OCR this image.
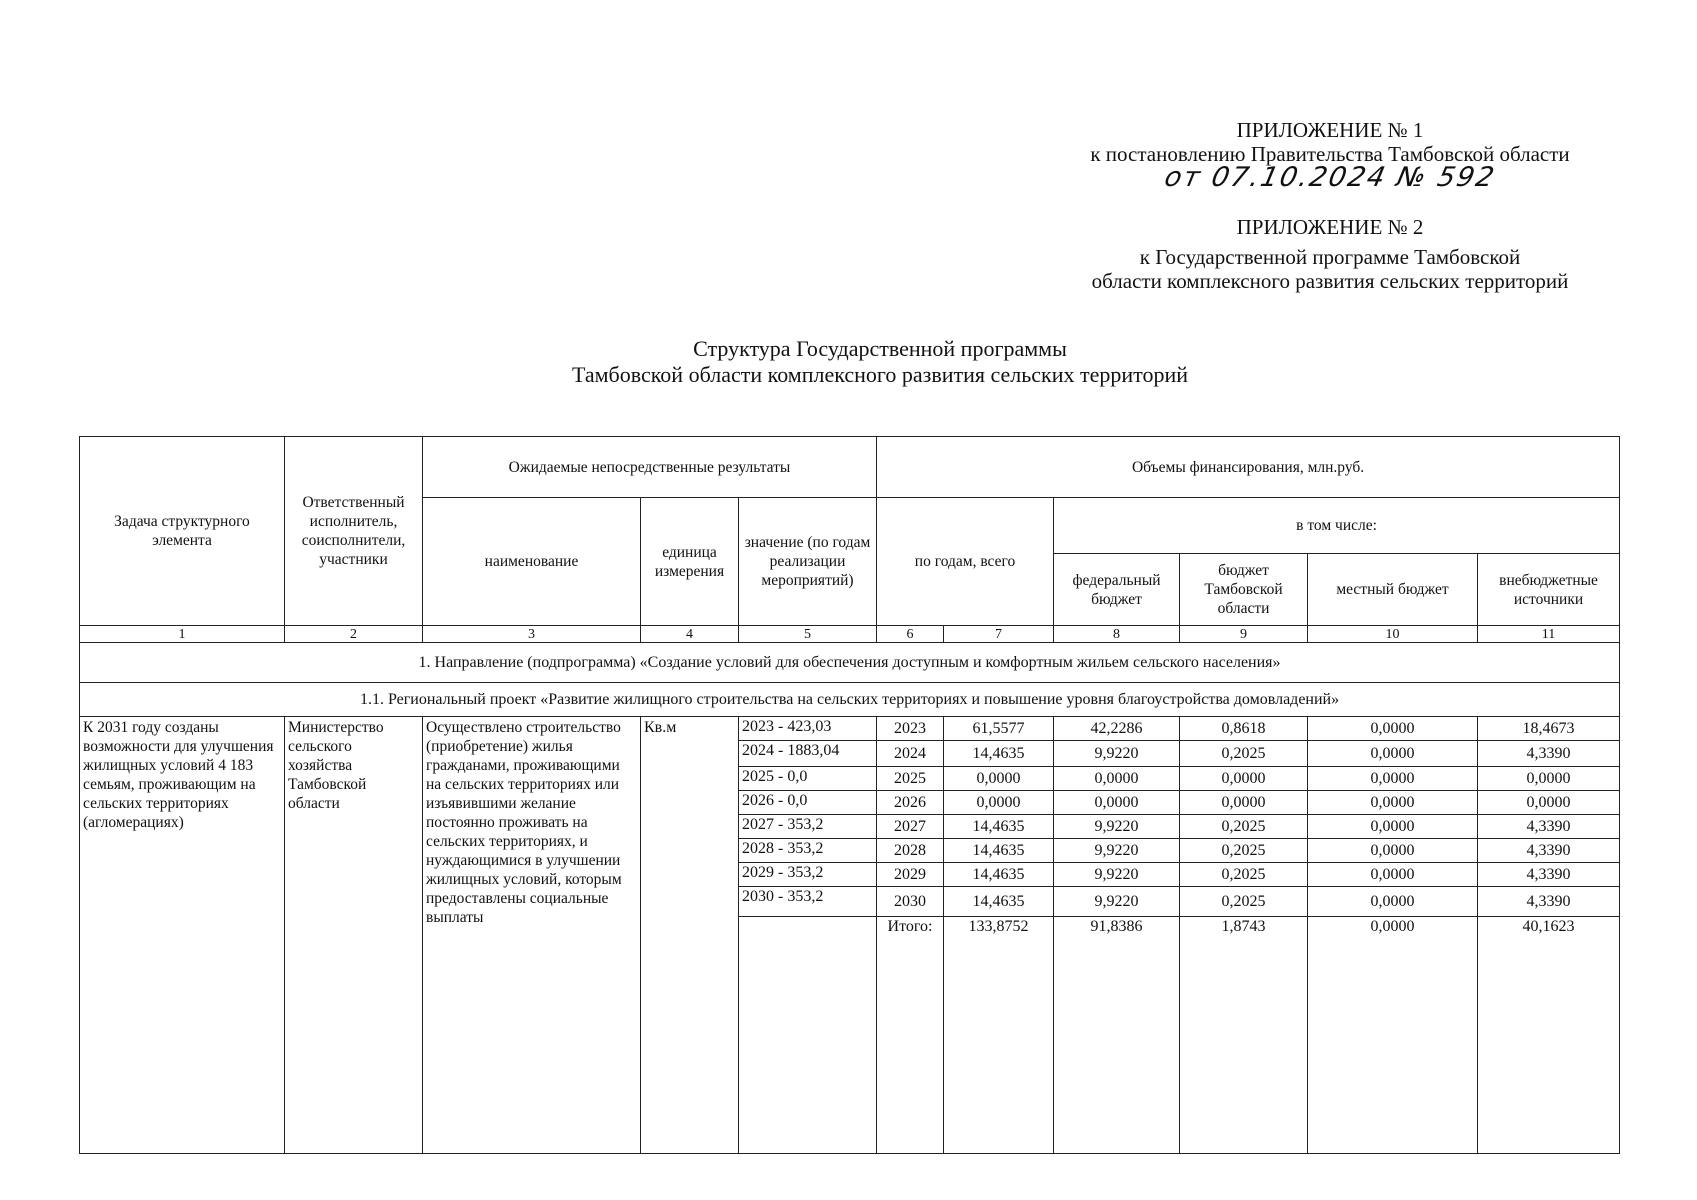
ПРИЛОЖЕНИЕ № 1
к постановлению Правительства Тамбовской области
от 07.10.2024 № 592
ПРИЛОЖЕНИЕ № 2
к Государственной программе Тамбовской
области комплексного развития сельских территорий
Структура Государственной программы
Тамбовской области комплексного развития сельских территорий
Задача структурного элемента	Ответственный исполнитель, соисполнители, участники	Ожидаемые непосредственные результаты			Объемы финансирования, млн.руб.					
		наименование	единица измерения	значение (по годам реализации мероприятий)	по годам, всего		в том числе:			
							федеральный бюджет	бюджет Тамбовской области	местный бюджет	внебюджетные источники
1	2	3	4	5	6	7	8	9	10	11
1. Направление (подпрограмма) «Создание условий для обеспечения доступным и комфортным жильем сельского населения»										
1.1. Региональный проект «Развитие жилищного строительства на сельских территориях и повышение уровня благоустройства домовладений»										
К 2031 году созданы возможности для улучшения жилищных условий 4 183 семьям, проживающим на сельских территориях (агломерациях)	Министерство сельского хозяйства Тамбовской области	Осуществлено строительство (приобретение) жилья гражданами, проживающими на сельских территориях или изъявившими желание постоянно проживать на сельских территориях, и нуждающимися в улучшении жилищных условий, которым предоставлены социальные выплаты	Кв.м	2023 - 423,03	2023	61,5577	42,2286	0,8618	0,0000	18,4673
				2024 - 1883,04	2024	14,4635	9,9220	0,2025	0,0000	4,3390
				2025 - 0,0	2025	0,0000	0,0000	0,0000	0,0000	0,0000
				2026 - 0,0	2026	0,0000	0,0000	0,0000	0,0000	0,0000
				2027 - 353,2	2027	14,4635	9,9220	0,2025	0,0000	4,3390
				2028 - 353,2	2028	14,4635	9,9220	0,2025	0,0000	4,3390
				2029 - 353,2	2029	14,4635	9,9220	0,2025	0,0000	4,3390
				2030 - 353,2	2030	14,4635	9,9220	0,2025	0,0000	4,3390
					Итого:	133,8752	91,8386	1,8743	0,0000	40,1623
